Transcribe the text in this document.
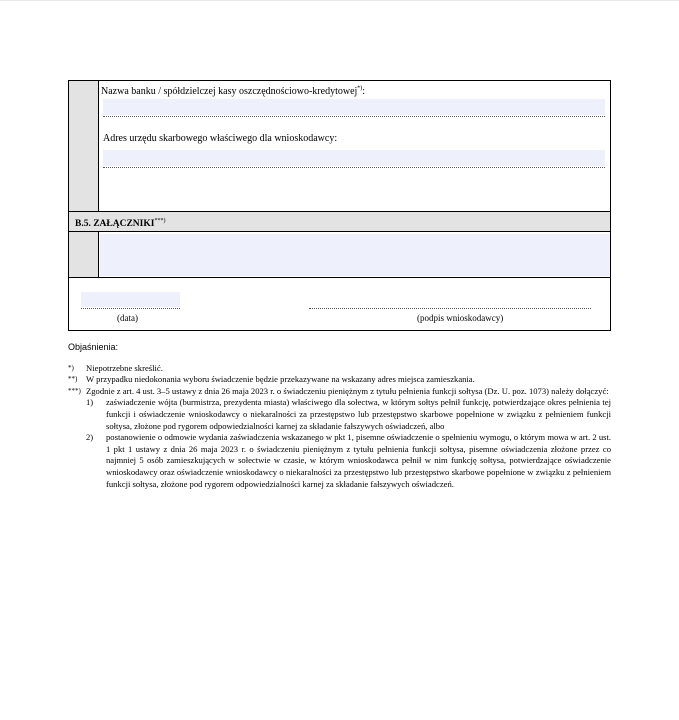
Nazwa banku / spółdzielczej kasy oszczędnościowo-kredytowej*):
Adres urzędu skarbowego właściwego dla wnioskodawcy:
B.5. ZAŁĄCZNIKI***)
(data)	(podpis wnioskodawcy)
Objaśnienia:
*)	Niepotrzebne skreślić.
**)	W przypadku niedokonania wyboru świadczenie będzie przekazywane na wskazany adres miejsca zamieszkania.
***) Zgodnie z art. 4 ust. 3–5 ustawy z dnia 26 maja 2023 r. o świadczeniu pieniężnym z tytułu pełnienia funkcji sołtysa (Dz. U. poz. 1073) należy dołączyć:
1)	zaświadczenie wójta (burmistrza, prezydenta miasta) właściwego dla sołectwa, w którym sołtys pełnił funkcję, potwierdzające okres pełnienia tej funkcji i oświadczenie wnioskodawcy o niekaralności za przestępstwo lub przestępstwo skarbowe popełnione w związku z pełnieniem funkcji sołtysa, złożone pod rygorem odpowiedzialności karnej za składanie fałszywych oświadczeń, albo
2)	postanowienie o odmowie wydania zaświadczenia wskazanego w pkt 1, pisemne oświadczenie o spełnieniu wymogu, o którym mowa w art. 2 ust. 1 pkt 1 ustawy z dnia 26 maja 2023 r. o świadczeniu pieniężnym z tytułu pełnienia funkcji sołtysa, pisemne oświadczenia złożone przez co najmniej 5 osób zamieszkujących w sołectwie w czasie, w którym wnioskodawca pełnił w nim funkcję sołtysa, potwierdzające oświadczenie wnioskodawcy oraz oświadczenie wnioskodawcy o niekaralności za przestępstwo lub przestępstwo skarbowe popełnione w związku z pełnieniem funkcji sołtysa, złożone pod rygorem odpowiedzialności karnej za składanie fałszywych oświadczeń.
